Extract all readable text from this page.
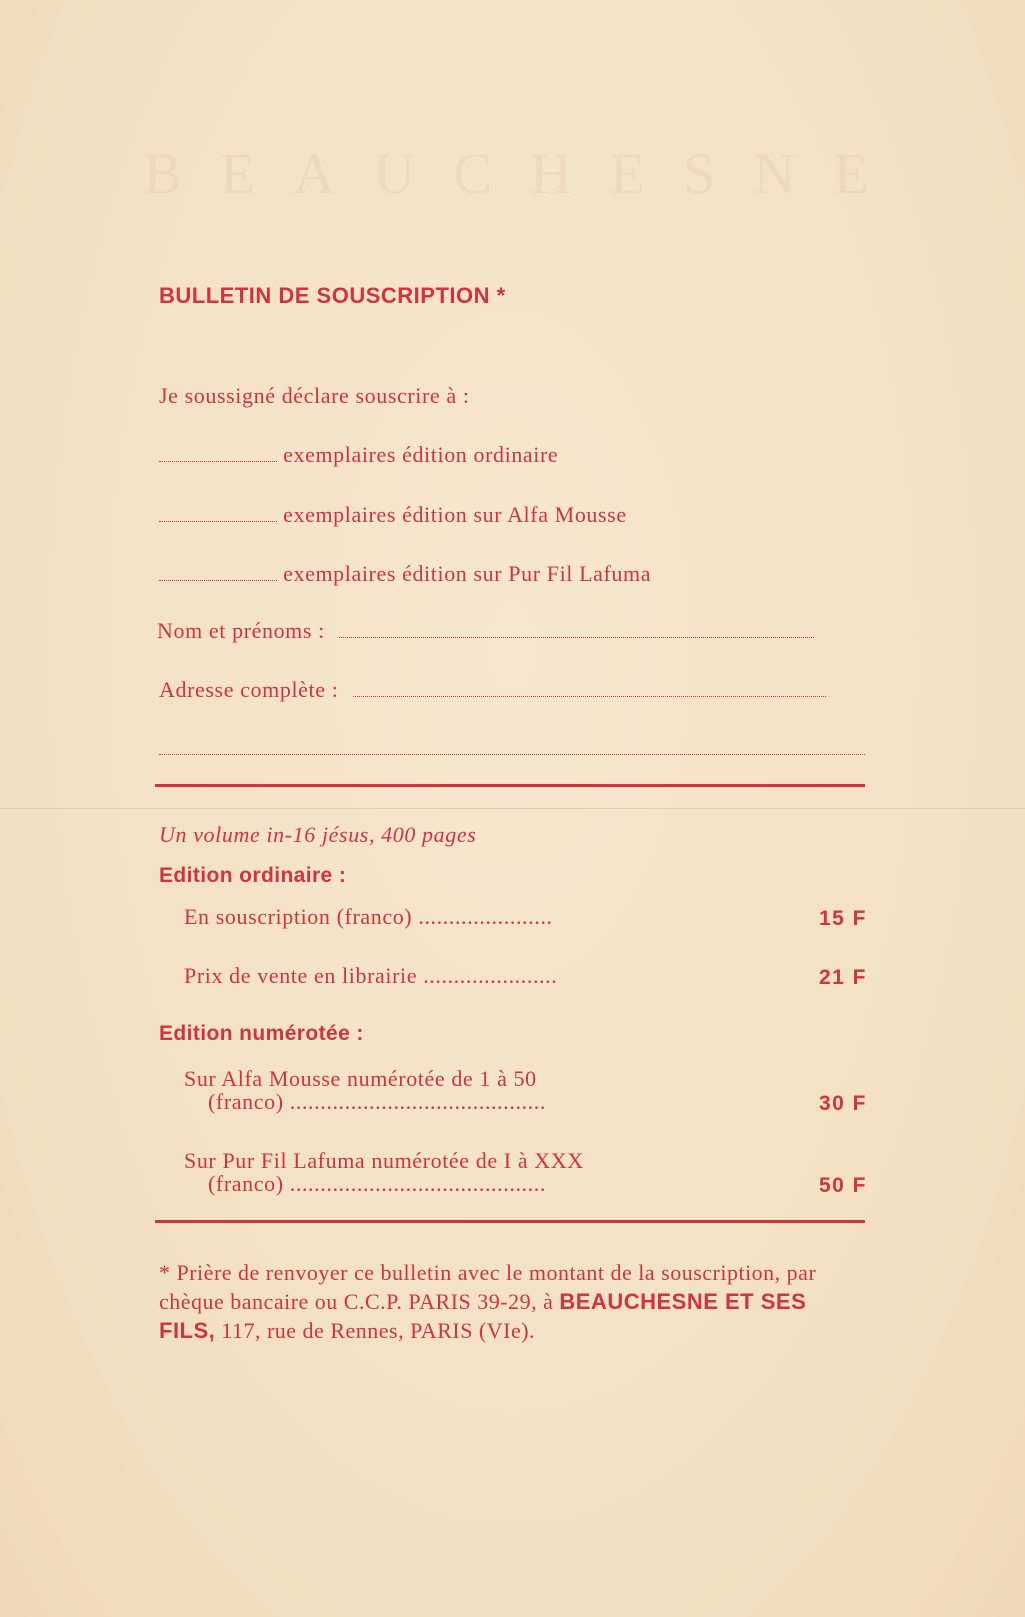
BEAUCHESNE
BULLETIN DE SOUSCRIPTION *
Je soussigné déclare souscrire à :
exemplaires édition ordinaire
exemplaires édition sur Alfa Mousse
exemplaires édition sur Pur Fil Lafuma
Nom et prénoms :
Adresse complète :
Un volume in-16 jésus, 400 pages
Edition ordinaire :
En souscription (franco) ......................	15 F
Prix de vente en librairie ......................	21 F
Edition numérotée :
Sur Alfa Mousse numérotée de 1 à 50
(franco) ..........................................	30 F
Sur Pur Fil Lafuma numérotée de I à XXX
(franco) ..........................................	50 F
* Prière de renvoyer ce bulletin avec le montant de la souscription, par chèque bancaire ou C.C.P. PARIS 39-29, à BEAUCHESNE ET SES FILS, 117, rue de Rennes, PARIS (VIe).
